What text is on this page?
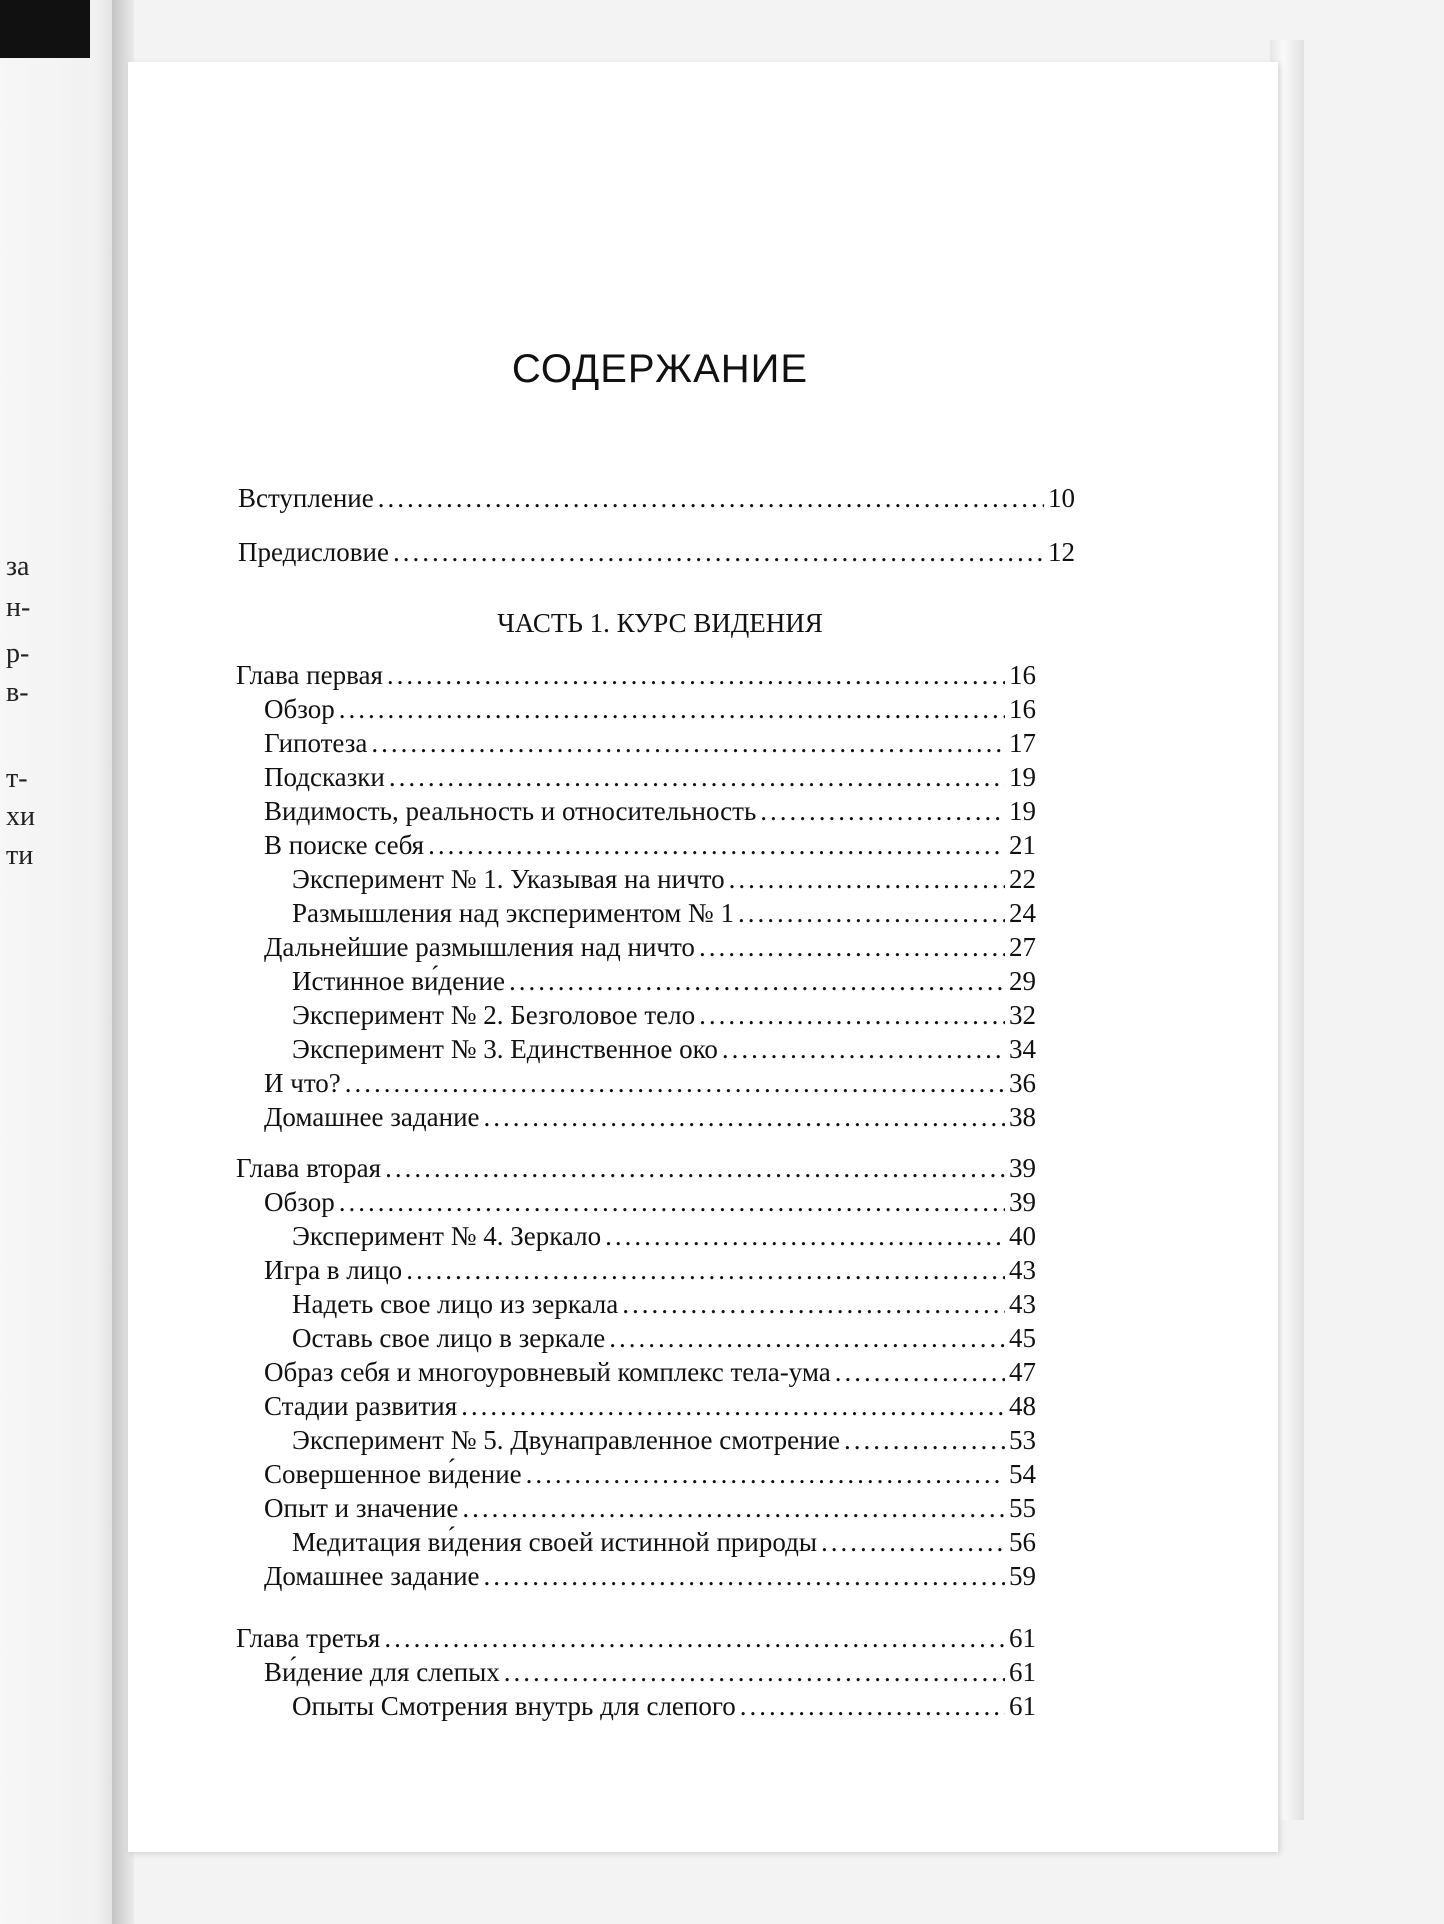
за
н-
р-
в-
т-
хи
ти
СОДЕРЖАНИЕ
Вступление .....	10
Предисловие .....	12
ЧАСТЬ 1. КУРС ВИДЕНИЯ
Глава первая .....	16
Обзор .....	16
Гипотеза .....	17
Подсказки .....	19
Видимость, реальность и относительность .....	19
В поиске себя .....	21
Эксперимент № 1. Указывая на ничто .....	22
Размышления над экспериментом № 1 .....	24
Дальнейшие размышления над ничто .....	27
Истинное ви́дение .....	29
Эксперимент № 2. Безголовое тело .....	32
Эксперимент № 3. Единственное око .....	34
И что? .....	36
Домашнее задание .....	38
Глава вторая .....	39
Обзор .....	39
Эксперимент № 4. Зеркало .....	40
Игра в лицо .....	43
Надеть свое лицо из зеркала .....	43
Оставь свое лицо в зеркале .....	45
Образ себя и многоуровневый комплекс тела-ума .....	47
Стадии развития .....	48
Эксперимент № 5. Двунаправленное смотрение .....	53
Совершенное ви́дение .....	54
Опыт и значение .....	55
Медитация ви́дения своей истинной природы .....	56
Домашнее задание .....	59
Глава третья .....	61
Ви́дение для слепых .....	61
Опыты Смотрения внутрь для слепого .....	61
